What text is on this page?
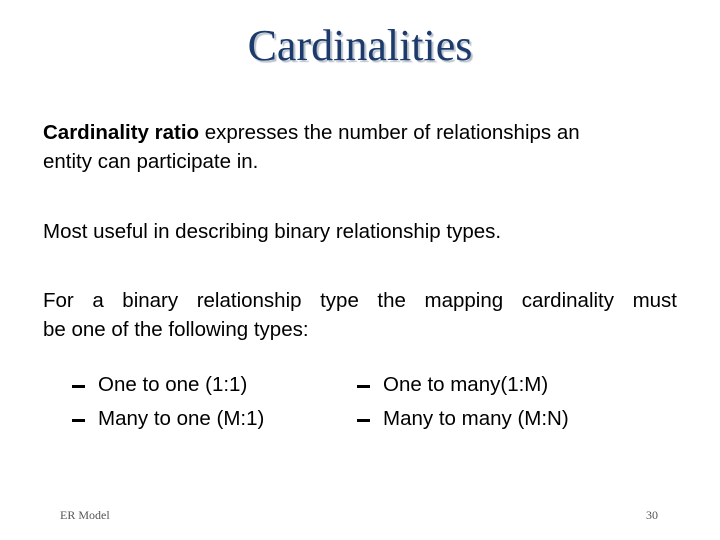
Cardinalities
Cardinality ratio expresses the number of relationships an
entity can participate in.
Most useful in describing binary relationship types.
For a binary relationship type the mapping cardinality must
be one of the following types:
One to one (1:1)
Many to one (M:1)
One to many(1:M)
Many to many (M:N)
ER Model	30
